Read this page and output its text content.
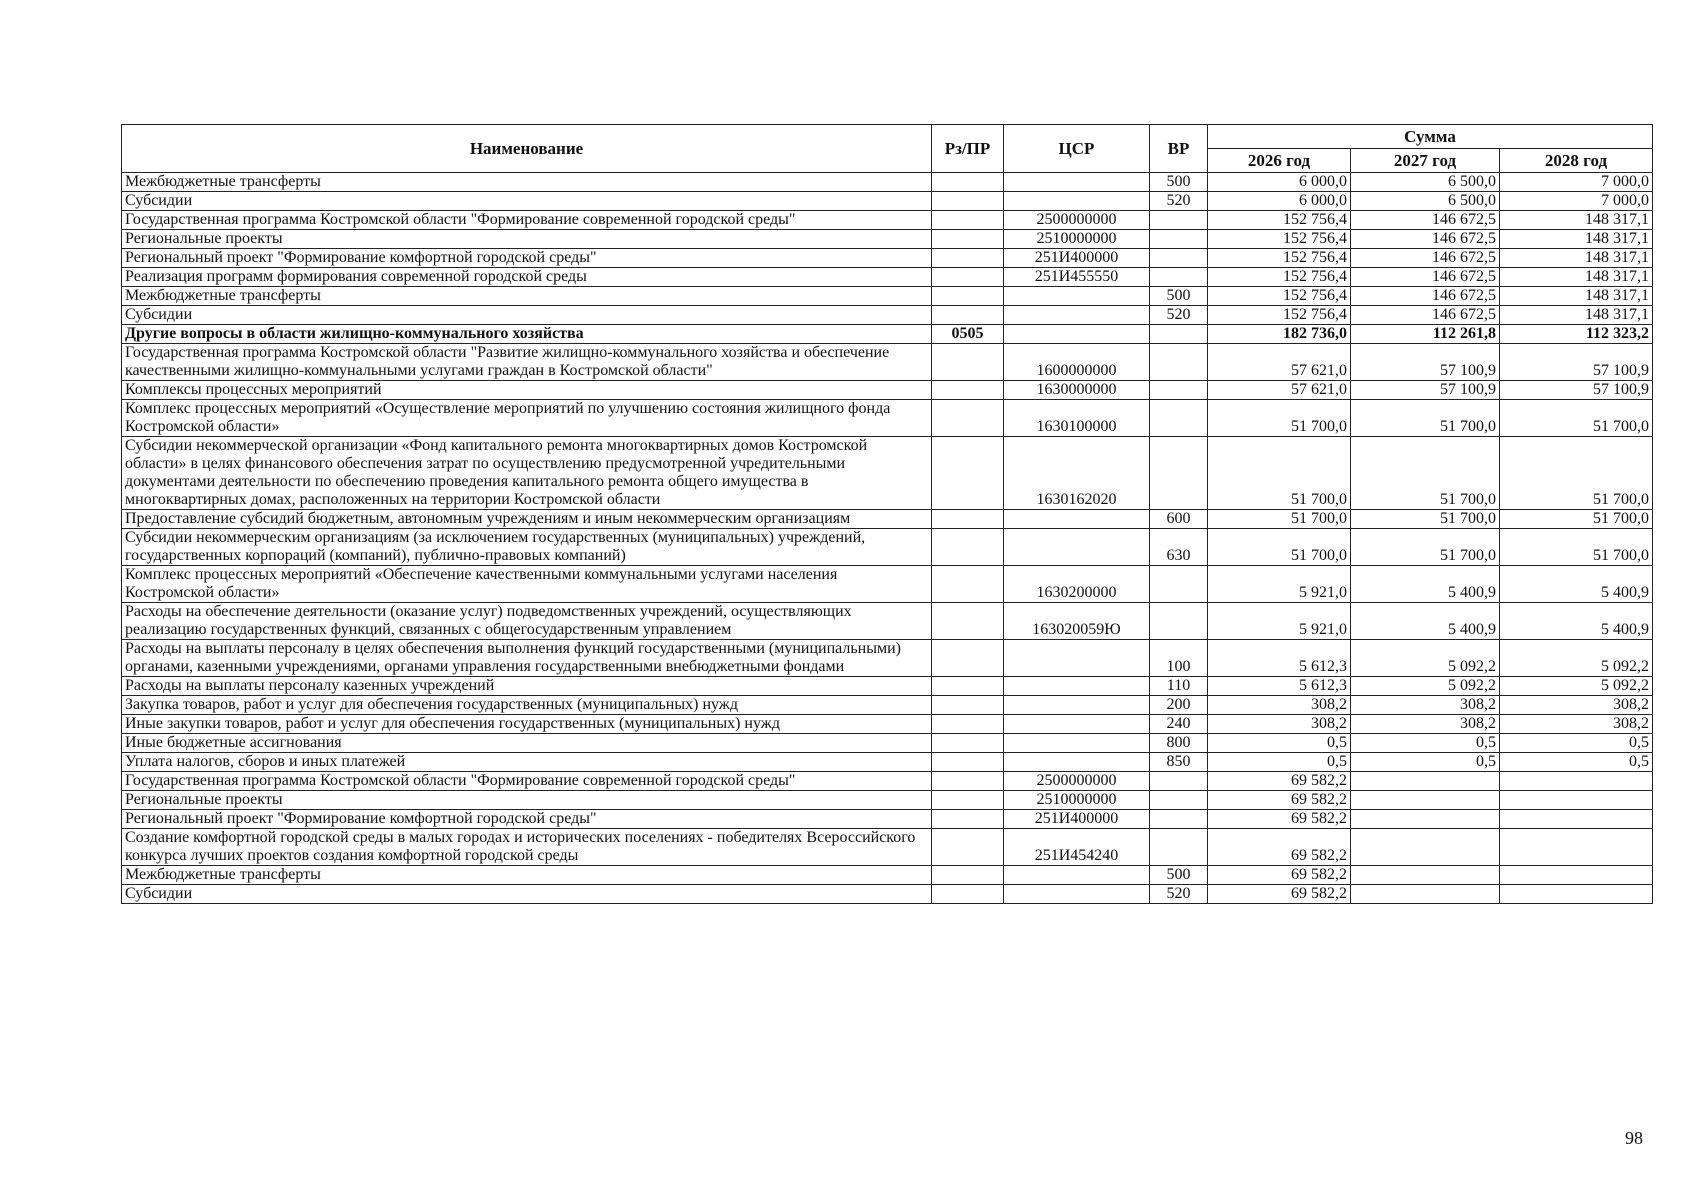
Наименование	Рз/ПР	ЦСР	ВР	Сумма		
				2026 год	2027 год	2028 год
Межбюджетные трансферты			500	6 000,0	6 500,0	7 000,0
Субсидии			520	6 000,0	6 500,0	7 000,0
Государственная программа Костромской области "Формирование современной городской среды"		2500000000		152 756,4	146 672,5	148 317,1
Региональные проекты		2510000000		152 756,4	146 672,5	148 317,1
Региональный проект "Формирование комфортной городской среды"		251И400000		152 756,4	146 672,5	148 317,1
Реализация программ формирования современной городской среды		251И455550		152 756,4	146 672,5	148 317,1
Межбюджетные трансферты			500	152 756,4	146 672,5	148 317,1
Субсидии			520	152 756,4	146 672,5	148 317,1
Другие вопросы в области жилищно-коммунального хозяйства	0505			182 736,0	112 261,8	112 323,2
Государственная программа Костромской области "Развитие жилищно-коммунального хозяйства и обеспечение качественными жилищно-коммунальными услугами граждан в Костромской области"		1600000000		57 621,0	57 100,9	57 100,9
Комплексы процессных мероприятий		1630000000		57 621,0	57 100,9	57 100,9
Комплекс процессных мероприятий «Осуществление мероприятий по улучшению состояния жилищного фонда Костромской области»		1630100000		51 700,0	51 700,0	51 700,0
Субсидии некоммерческой организации «Фонд капитального ремонта многоквартирных домов Костромской области» в целях финансового обеспечения затрат по осуществлению предусмотренной учредительными документами деятельности по обеспечению проведения капитального ремонта общего имущества в многоквартирных домах, расположенных на территории Костромской области		1630162020		51 700,0	51 700,0	51 700,0
Предоставление субсидий бюджетным, автономным учреждениям и иным некоммерческим организациям			600	51 700,0	51 700,0	51 700,0
Субсидии некоммерческим организациям (за исключением государственных (муниципальных) учреждений, государственных корпораций (компаний), публично-правовых компаний)			630	51 700,0	51 700,0	51 700,0
Комплекс процессных мероприятий «Обеспечение качественными коммунальными услугами населения Костромской области»		1630200000		5 921,0	5 400,9	5 400,9
Расходы на обеспечение деятельности (оказание услуг) подведомственных учреждений, осуществляющих реализацию государственных функций, связанных с общегосударственным управлением		163020059Ю		5 921,0	5 400,9	5 400,9
Расходы на выплаты персоналу в целях обеспечения выполнения функций государственными (муниципальными) органами, казенными учреждениями, органами управления государственными внебюджетными фондами			100	5 612,3	5 092,2	5 092,2
Расходы на выплаты персоналу казенных учреждений			110	5 612,3	5 092,2	5 092,2
Закупка товаров, работ и услуг для обеспечения государственных (муниципальных) нужд			200	308,2	308,2	308,2
Иные закупки товаров, работ и услуг для обеспечения государственных (муниципальных) нужд			240	308,2	308,2	308,2
Иные бюджетные ассигнования			800	0,5	0,5	0,5
Уплата налогов, сборов и иных платежей			850	0,5	0,5	0,5
Государственная программа Костромской области "Формирование современной городской среды"		2500000000		69 582,2		
Региональные проекты		2510000000		69 582,2		
Региональный проект "Формирование комфортной городской среды"		251И400000		69 582,2		
Создание комфортной городской среды в малых городах и исторических поселениях - победителях Всероссийского конкурса лучших проектов создания комфортной городской среды		251И454240		69 582,2		
Межбюджетные трансферты			500	69 582,2		
Субсидии			520	69 582,2		
98
